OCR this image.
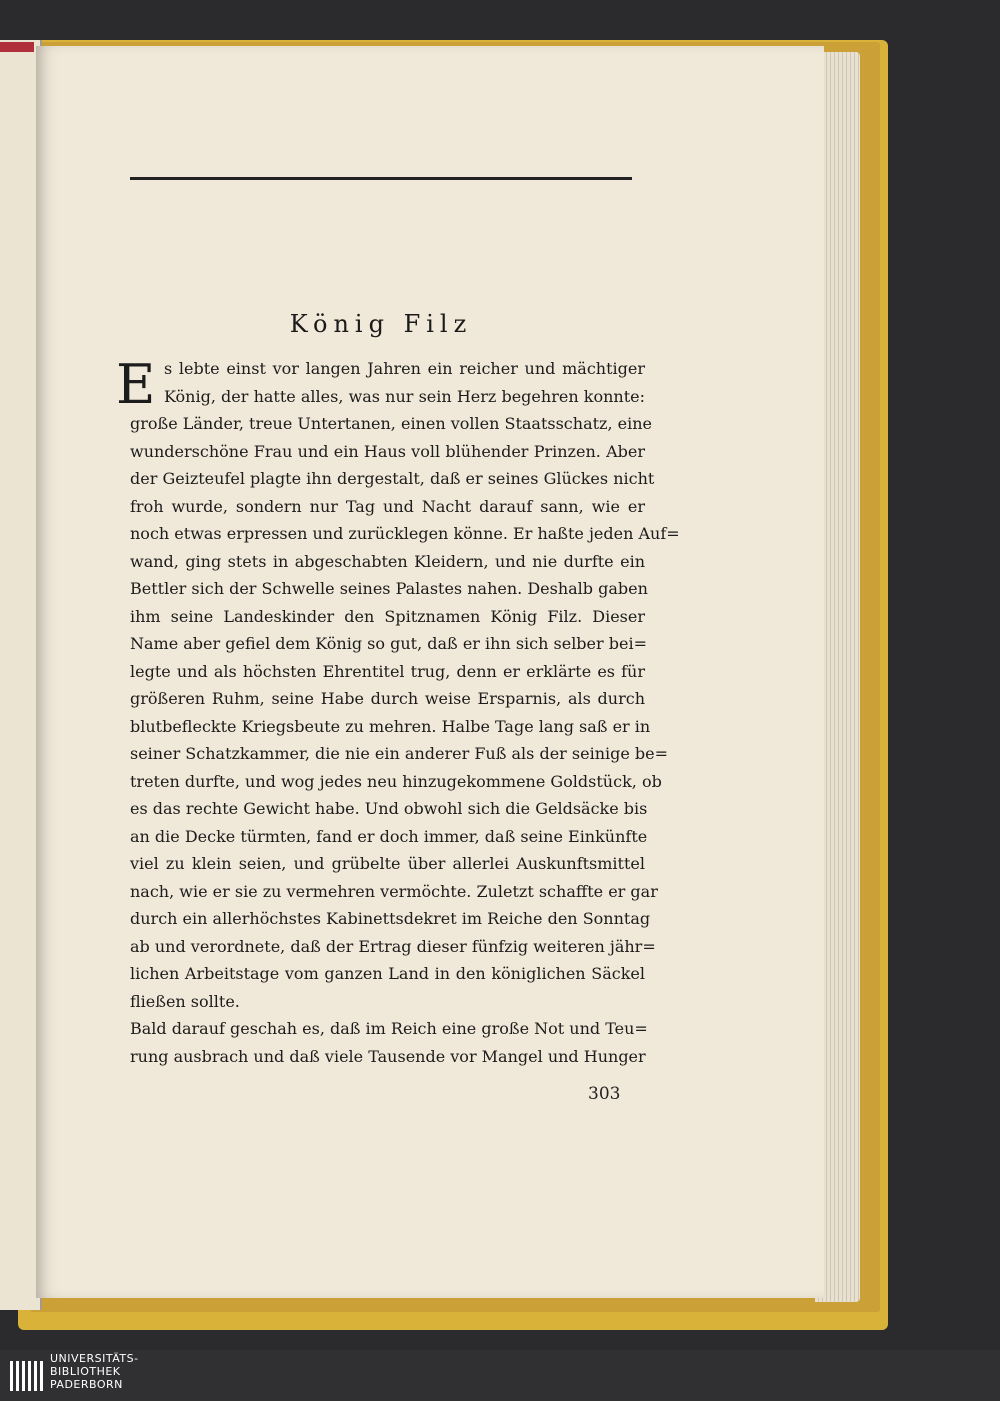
König Filz
E s lebte einst vor langen Jahren ein reicher und mächtiger
König, der hatte alles, was nur sein Herz begehren konnte:
große Länder, treue Untertanen, einen vollen Staatsschatz, eine
wunderschöne Frau und ein Haus voll blühender Prinzen. Aber
der Geizteufel plagte ihn dergestalt, daß er seines Glückes nicht
froh wurde, sondern nur Tag und Nacht darauf sann, wie er
noch etwas erpressen und zurücklegen könne. Er haßte jeden Auf=
wand, ging stets in abgeschabten Kleidern, und nie durfte ein
Bettler sich der Schwelle seines Palastes nahen. Deshalb gaben
ihm seine Landeskinder den Spitznamen König Filz. Dieser
Name aber gefiel dem König so gut, daß er ihn sich selber bei=
legte und als höchsten Ehrentitel trug, denn er erklärte es für
größeren Ruhm, seine Habe durch weise Ersparnis, als durch
blutbefleckte Kriegsbeute zu mehren. Halbe Tage lang saß er in
seiner Schatzkammer, die nie ein anderer Fuß als der seinige be=
treten durfte, und wog jedes neu hinzugekommene Goldstück, ob
es das rechte Gewicht habe. Und obwohl sich die Geldsäcke bis
an die Decke türmten, fand er doch immer, daß seine Einkünfte
viel zu klein seien, und grübelte über allerlei Auskunftsmittel
nach, wie er sie zu vermehren vermöchte. Zuletzt schaffte er gar
durch ein allerhöchstes Kabinettsdekret im Reiche den Sonntag
ab und verordnete, daß der Ertrag dieser fünfzig weiteren jähr=
lichen Arbeitstage vom ganzen Land in den königlichen Säckel
fließen sollte.
Bald darauf geschah es, daß im Reich eine große Not und Teu=
rung ausbrach und daß viele Tausende vor Mangel und Hunger
303
UNIVERSITÄTS-
BIBLIOTHEK
PADERBORN
